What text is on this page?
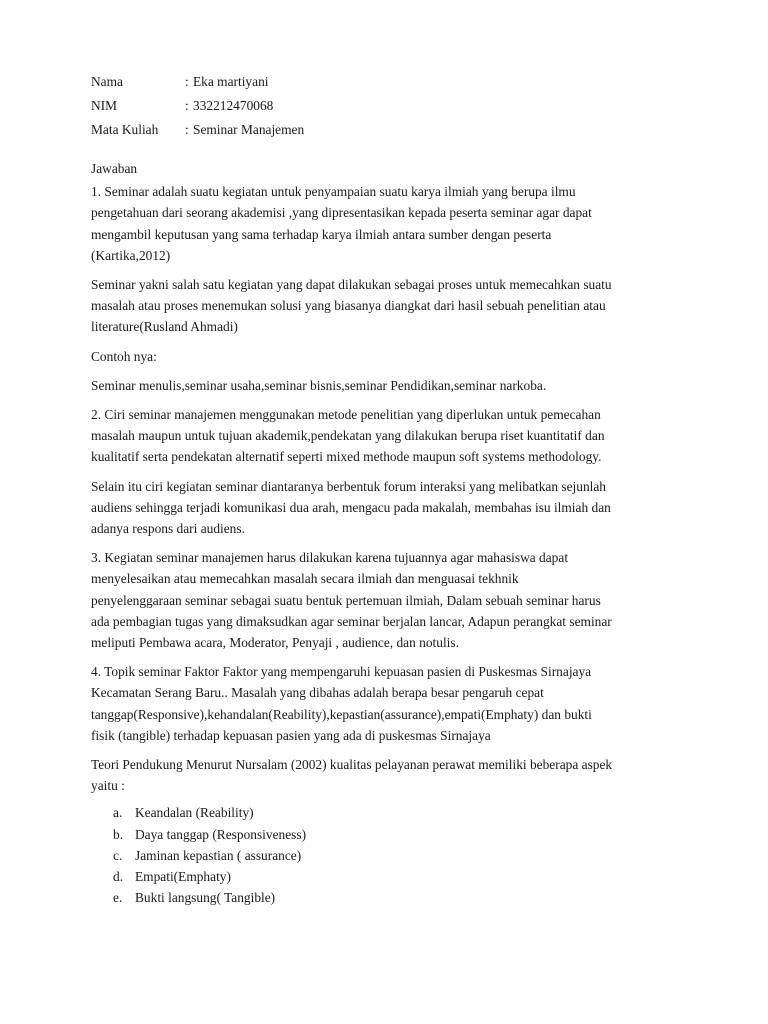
Nama	: Eka martiyani
NIM	: 332212470068
Mata Kuliah	: Seminar Manajemen

Jawaban

1. Seminar adalah suatu kegiatan untuk penyampaian suatu karya ilmiah yang berupa ilmu
pengetahuan dari seorang akademisi ,yang dipresentasikan kepada peserta seminar agar dapat
mengambil keputusan yang sama terhadap karya ilmiah antara sumber dengan peserta
(Kartika,2012)

Seminar yakni salah satu kegiatan yang dapat dilakukan sebagai proses untuk memecahkan suatu
masalah atau proses menemukan solusi yang biasanya diangkat dari hasil sebuah penelitian atau
literature(Rusland Ahmadi)

Contoh nya:

Seminar menulis,seminar usaha,seminar bisnis,seminar Pendidikan,seminar narkoba.

2. Ciri seminar manajemen menggunakan metode penelitian yang diperlukan untuk pemecahan
masalah maupun untuk tujuan akademik,pendekatan yang dilakukan berupa riset kuantitatif dan
kualitatif serta pendekatan alternatif seperti mixed methode maupun soft systems methodology.

Selain itu ciri kegiatan seminar diantaranya berbentuk forum interaksi yang melibatkan sejunlah
audiens sehingga terjadi komunikasi dua arah, mengacu pada makalah, membahas isu ilmiah dan
adanya respons dari audiens.

3. Kegiatan seminar manajemen harus dilakukan karena tujuannya agar mahasiswa dapat
menyelesaikan atau memecahkan masalah secara ilmiah dan menguasai tekhnik
penyelenggaraan seminar sebagai suatu bentuk pertemuan ilmiah, Dalam sebuah seminar harus
ada pembagian tugas yang dimaksudkan agar seminar berjalan lancar, Adapun perangkat seminar
meliputi Pembawa acara, Moderator, Penyaji , audience, dan notulis.

4. Topik seminar Faktor Faktor yang mempengaruhi kepuasan pasien di Puskesmas Sirnajaya
Kecamatan Serang Baru.. Masalah yang dibahas adalah berapa besar pengaruh cepat
tanggap(Responsive),kehandalan(Reability),kepastian(assurance),empati(Emphaty) dan bukti
fisik (tangible) terhadap kepuasan pasien yang ada di puskesmas Sirnajaya

Teori Pendukung Menurut Nursalam (2002) kualitas pelayanan perawat memiliki beberapa aspek
yaitu :

a. Keandalan (Reability)
b. Daya tanggap (Responsiveness)
c. Jaminan kepastian ( assurance)
d. Empati(Emphaty)
e. Bukti langsung( Tangible)
